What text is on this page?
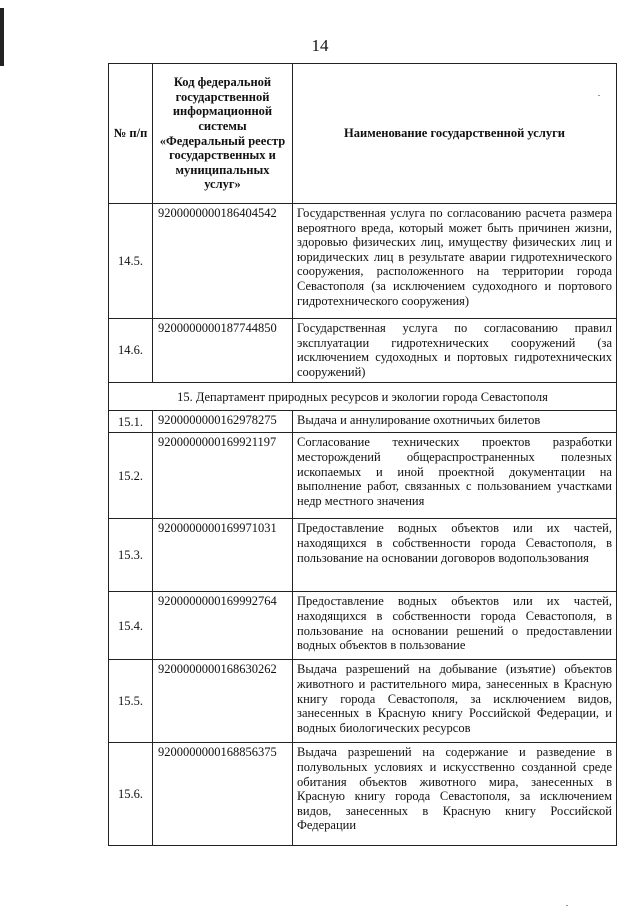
14
№ п/п	Код федеральной государственной информационной системы «Федеральный реестр государственных и муниципальных услуг»	Наименование государственной услуги
14.5.	9200000000186404542	Государственная услуга по согласованию расчета размера вероятного вреда, который может быть причинен жизни, здоровью физических лиц, имуществу физических лиц и юридических лиц в результате аварии гидротехнического сооружения, расположенного на территории города Севастополя (за исключением судоходного и портового гидротехнического сооружения)
14.6.	9200000000187744850	Государственная услуга по согласованию правил эксплуатации гидротехнических сооружений (за исключением судоходных и портовых гидротехнических сооружений)
15. Департамент природных ресурсов и экологии города Севастополя		
15.1.	9200000000162978275	Выдача и аннулирование охотничьих билетов
15.2.	9200000000169921197	Согласование технических проектов разработки месторождений общераспространенных полезных ископаемых и иной проектной документации на выполнение работ, связанных с пользованием участками недр местного значения
15.3.	9200000000169971031	Предоставление водных объектов или их частей, находящихся в собственности города Севастополя, в пользование на основании договоров водопользования
15.4.	9200000000169992764	Предоставление водных объектов или их частей, находящихся в собственности города Севастополя, в пользование на основании решений о предоставлении водных объектов в пользование
15.5.	9200000000168630262	Выдача разрешений на добывание (изъятие) объектов животного и растительного мира, занесенных в Красную книгу города Севастополя, за исключением видов, занесенных в Красную книгу Российской Федерации, и водных биологических ресурсов
15.6.	9200000000168856375	Выдача разрешений на содержание и разведение в полувольных условиях и искусственно созданной среде обитания объектов животного мира, занесенных в Красную книгу города Севастополя, за исключением видов, занесенных в Красную книгу Российской Федерации
